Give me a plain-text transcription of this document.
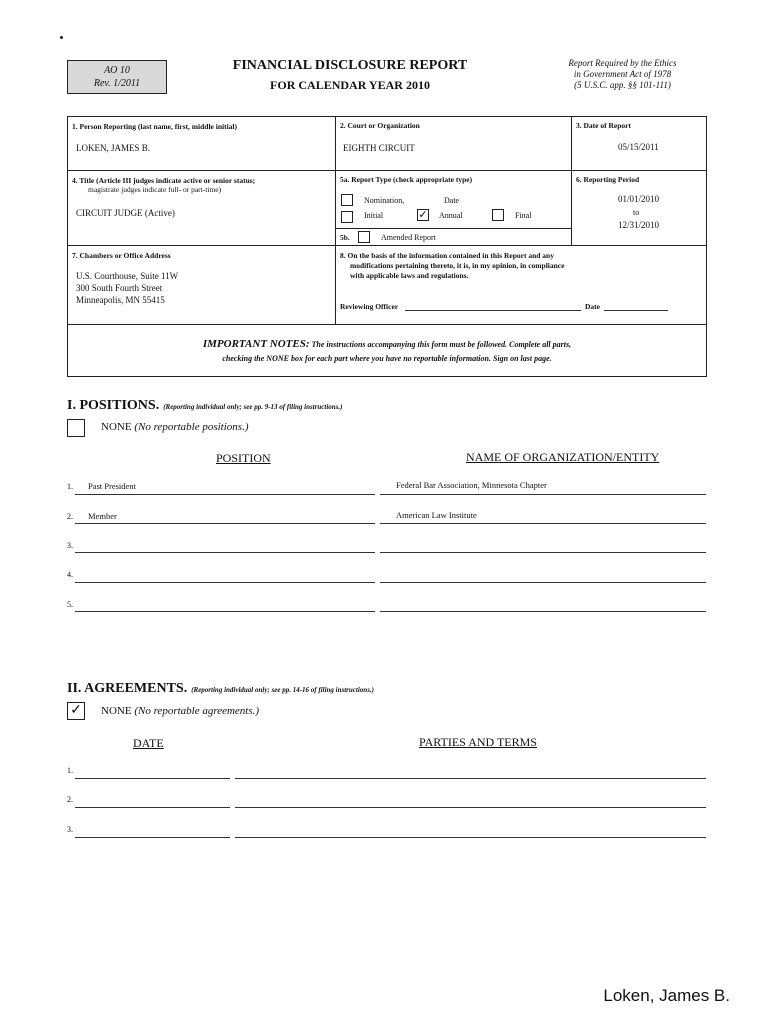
AO 10
Rev. 1/2011
FINANCIAL DISCLOSURE REPORT
FOR CALENDAR YEAR 2010
Report Required by the Ethics
in Government Act of 1978
(5 U.S.C. app. §§ 101-111)
1. Person Reporting (last name, first, middle initial)
LOKEN, JAMES B.
2. Court or Organization
EIGHTH CIRCUIT
3. Date of Report
05/15/2011
4. Title (Article III judges indicate active or senior status;
magistrate judges indicate full- or part-time)
CIRCUIT JUDGE (Active)
5a. Report Type (check appropriate type)
Nomination,	Date
Initial	✓ Annual	Final
5b.	Amended Report
6. Reporting Period
01/01/2010
to
12/31/2010
7. Chambers or Office Address
U.S. Courthouse, Suite 11W
300 South Fourth Street
Minneapolis, MN 55415
8. On the basis of the information contained in this Report and any
modifications pertaining thereto, it is, in my opinion, in compliance
with applicable laws and regulations.
Reviewing Officer	Date
IMPORTANT NOTES: The instructions accompanying this form must be followed. Complete all parts,
checking the NONE box for each part where you have no reportable information. Sign on last page.
I. POSITIONS. (Reporting individual only; see pp. 9-13 of filing instructions.)
NONE (No reportable positions.)
POSITION	NAME OF ORGANIZATION/ENTITY
1. Past President	Federal Bar Association, Minnesota Chapter
2. Member	American Law Institute
3.
4.
5.
II. AGREEMENTS. (Reporting individual only; see pp. 14-16 of filing instructions.)
✓ NONE (No reportable agreements.)
DATE	PARTIES AND TERMS
1.
2.
3.
Loken, James B.
